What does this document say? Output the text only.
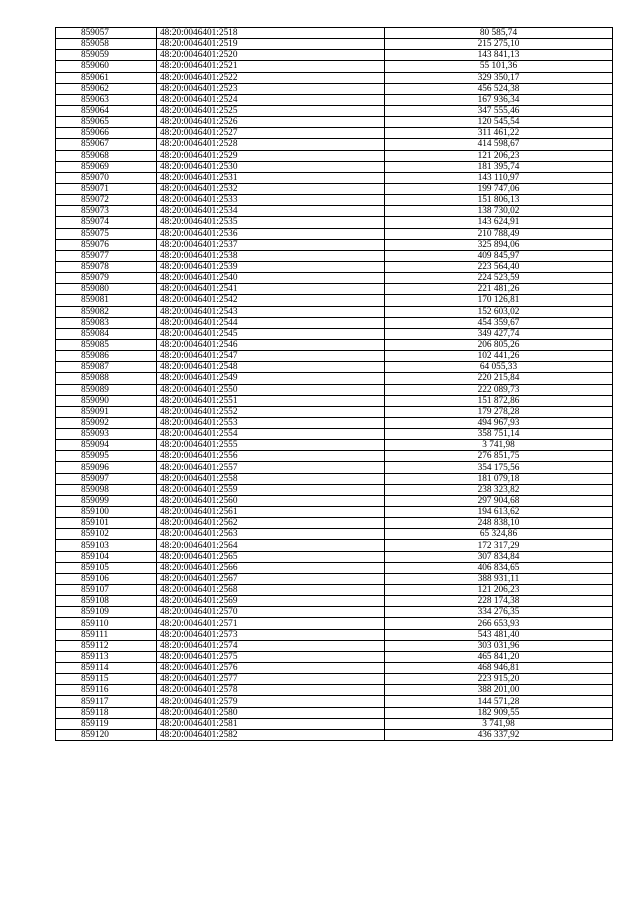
859057	48:20:0046401:2518	80 585,74
859058	48:20:0046401:2519	215 275,10
859059	48:20:0046401:2520	143 841,13
859060	48:20:0046401:2521	55 101,36
859061	48:20:0046401:2522	329 350,17
859062	48:20:0046401:2523	456 524,38
859063	48:20:0046401:2524	167 936,34
859064	48:20:0046401:2525	347 555,46
859065	48:20:0046401:2526	120 545,54
859066	48:20:0046401:2527	311 461,22
859067	48:20:0046401:2528	414 598,67
859068	48:20:0046401:2529	121 206,23
859069	48:20:0046401:2530	181 395,74
859070	48:20:0046401:2531	143 110,97
859071	48:20:0046401:2532	199 747,06
859072	48:20:0046401:2533	151 806,13
859073	48:20:0046401:2534	138 730,02
859074	48:20:0046401:2535	143 624,91
859075	48:20:0046401:2536	210 788,49
859076	48:20:0046401:2537	325 894,06
859077	48:20:0046401:2538	409 845,97
859078	48:20:0046401:2539	223 564,40
859079	48:20:0046401:2540	224 523,59
859080	48:20:0046401:2541	221 481,26
859081	48:20:0046401:2542	170 126,81
859082	48:20:0046401:2543	152 603,02
859083	48:20:0046401:2544	454 359,67
859084	48:20:0046401:2545	349 427,74
859085	48:20:0046401:2546	206 805,26
859086	48:20:0046401:2547	102 441,26
859087	48:20:0046401:2548	64 055,33
859088	48:20:0046401:2549	220 215,84
859089	48:20:0046401:2550	222 089,73
859090	48:20:0046401:2551	151 872,86
859091	48:20:0046401:2552	179 278,28
859092	48:20:0046401:2553	494 967,93
859093	48:20:0046401:2554	358 751,14
859094	48:20:0046401:2555	3 741,98
859095	48:20:0046401:2556	276 851,75
859096	48:20:0046401:2557	354 175,56
859097	48:20:0046401:2558	181 079,18
859098	48:20:0046401:2559	238 323,82
859099	48:20:0046401:2560	297 904,68
859100	48:20:0046401:2561	194 613,62
859101	48:20:0046401:2562	248 838,10
859102	48:20:0046401:2563	65 324,86
859103	48:20:0046401:2564	172 317,29
859104	48:20:0046401:2565	307 834,84
859105	48:20:0046401:2566	406 834,65
859106	48:20:0046401:2567	388 931,11
859107	48:20:0046401:2568	121 206,23
859108	48:20:0046401:2569	228 174,38
859109	48:20:0046401:2570	334 276,35
859110	48:20:0046401:2571	266 653,93
859111	48:20:0046401:2573	543 481,40
859112	48:20:0046401:2574	303 031,96
859113	48:20:0046401:2575	465 841,20
859114	48:20:0046401:2576	468 946,81
859115	48:20:0046401:2577	223 915,20
859116	48:20:0046401:2578	388 201,00
859117	48:20:0046401:2579	144 571,28
859118	48:20:0046401:2580	182 909,55
859119	48:20:0046401:2581	3 741,98
859120	48:20:0046401:2582	436 337,92
